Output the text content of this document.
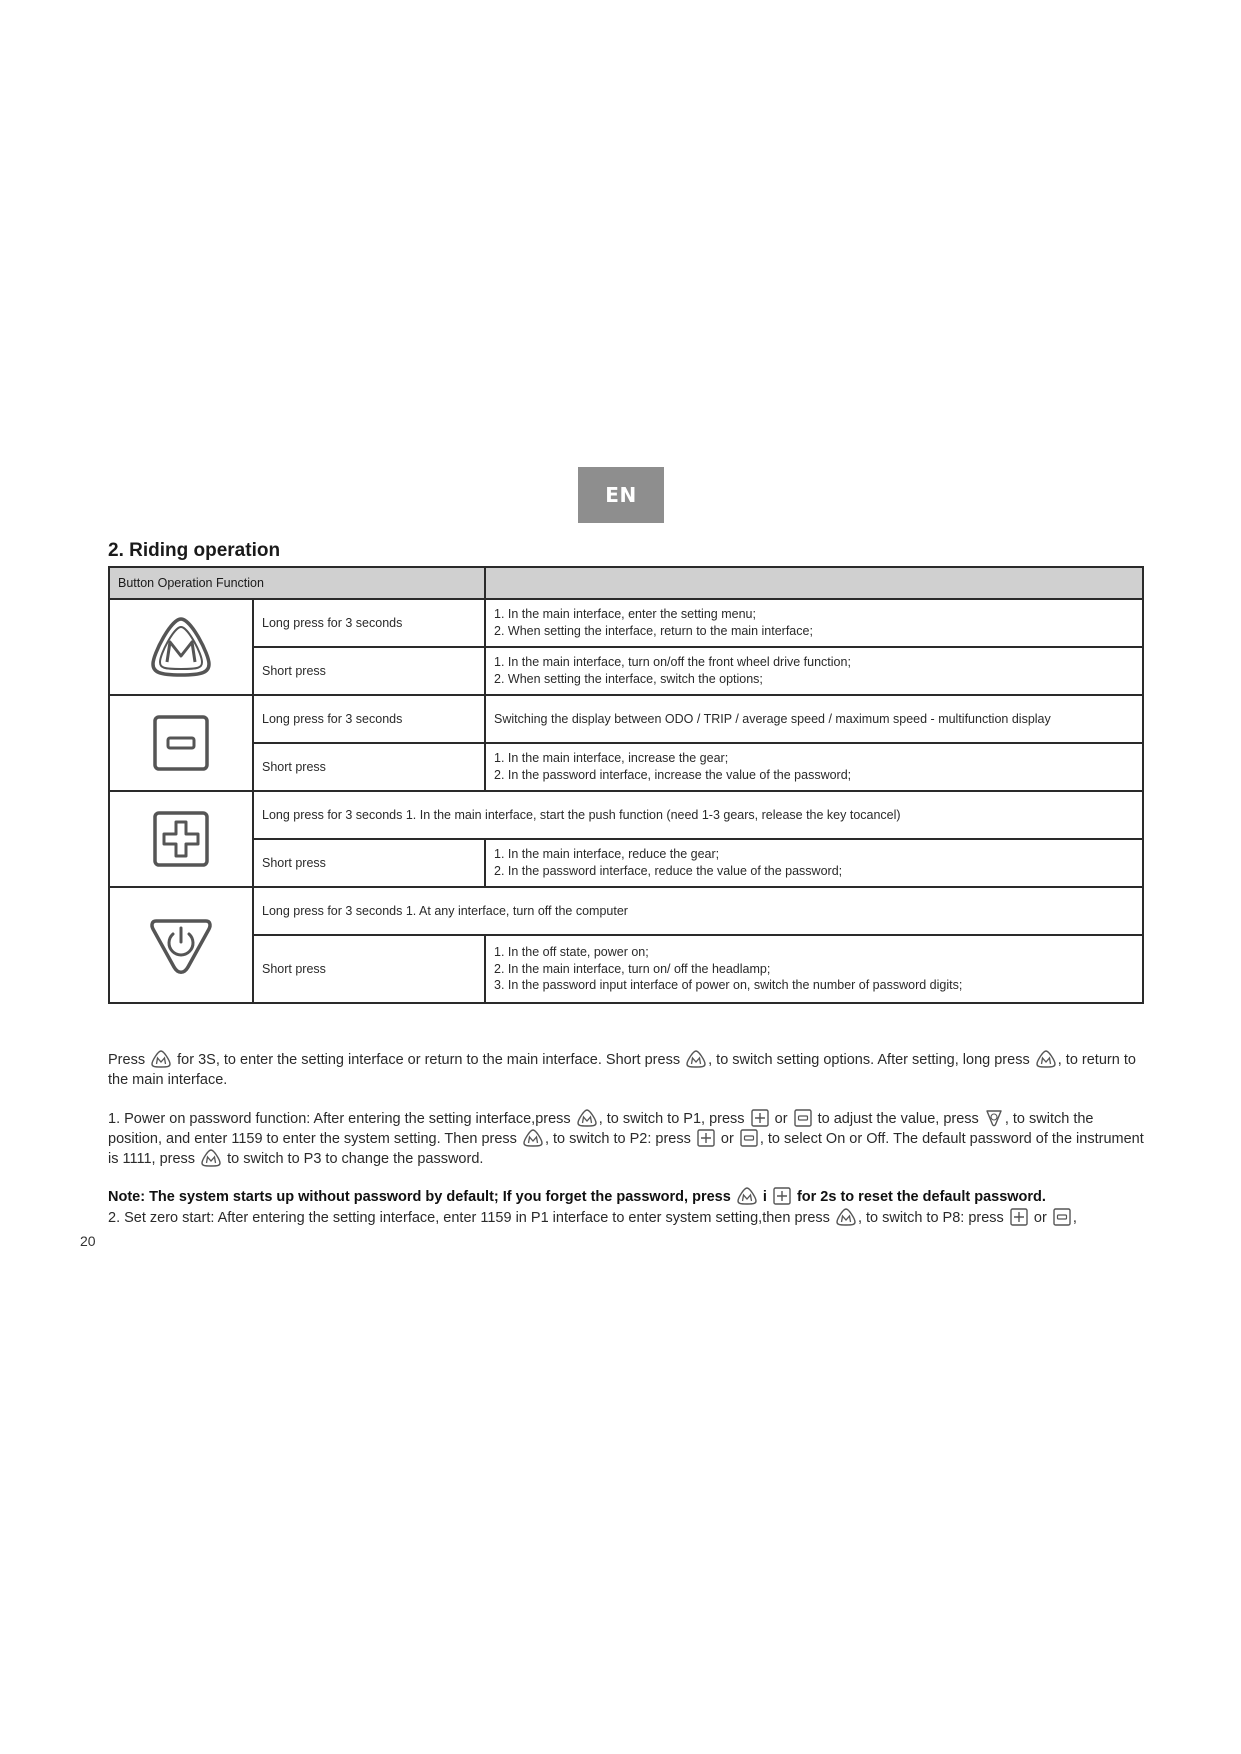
EN
2. Riding operation
Button Operation Function		

	Long press for 3 seconds	1. In the main interface, enter the setting menu;
2. When setting the interface, return to the main interface;

	Short press	1. In the main interface, turn on/off the front wheel drive function;
2. When setting the interface, switch the options;

	Long press for 3 seconds	Switching the display between ODO / TRIP / average speed / maximum speed - multifunction display

	Short press	1. In the main interface, increase the gear;
2. In the password interface, increase the value of the password;

	Long press for 3 seconds 1. In the main interface, start the push function (need 1-3 gears, release the key tocancel)	
	Short press	1. In the main interface, reduce the gear;
2. In the password interface, reduce the value of the password;

	Long press for 3 seconds 1. At any interface, turn off the computer	
	Short press	1. In the off state, power on;
2. In the main interface, turn on/ off the headlamp;
3. In the password input interface of power on, switch the number of password digits;

Press for 3S, to enter the setting interface or return to the main interface. Short press , to switch setting options. After setting, long press , to return to the main interface.

1. Power on password function: After entering the setting interface,press , to switch to P1, press or to adjust the value, press , to switch the position, and enter 1159 to enter the system setting. Then press , to switch to P2: press or , to select On or Off. The default password of the instrument is 1111, press to switch to P3 to change the password.

Note: The system starts up without password by default; If you forget the password, press i for 2s to reset the default password.

2. Set zero start: After entering the setting interface, enter 1159 in P1 interface to enter system setting,then press , to switch to P8: press or ,

20
